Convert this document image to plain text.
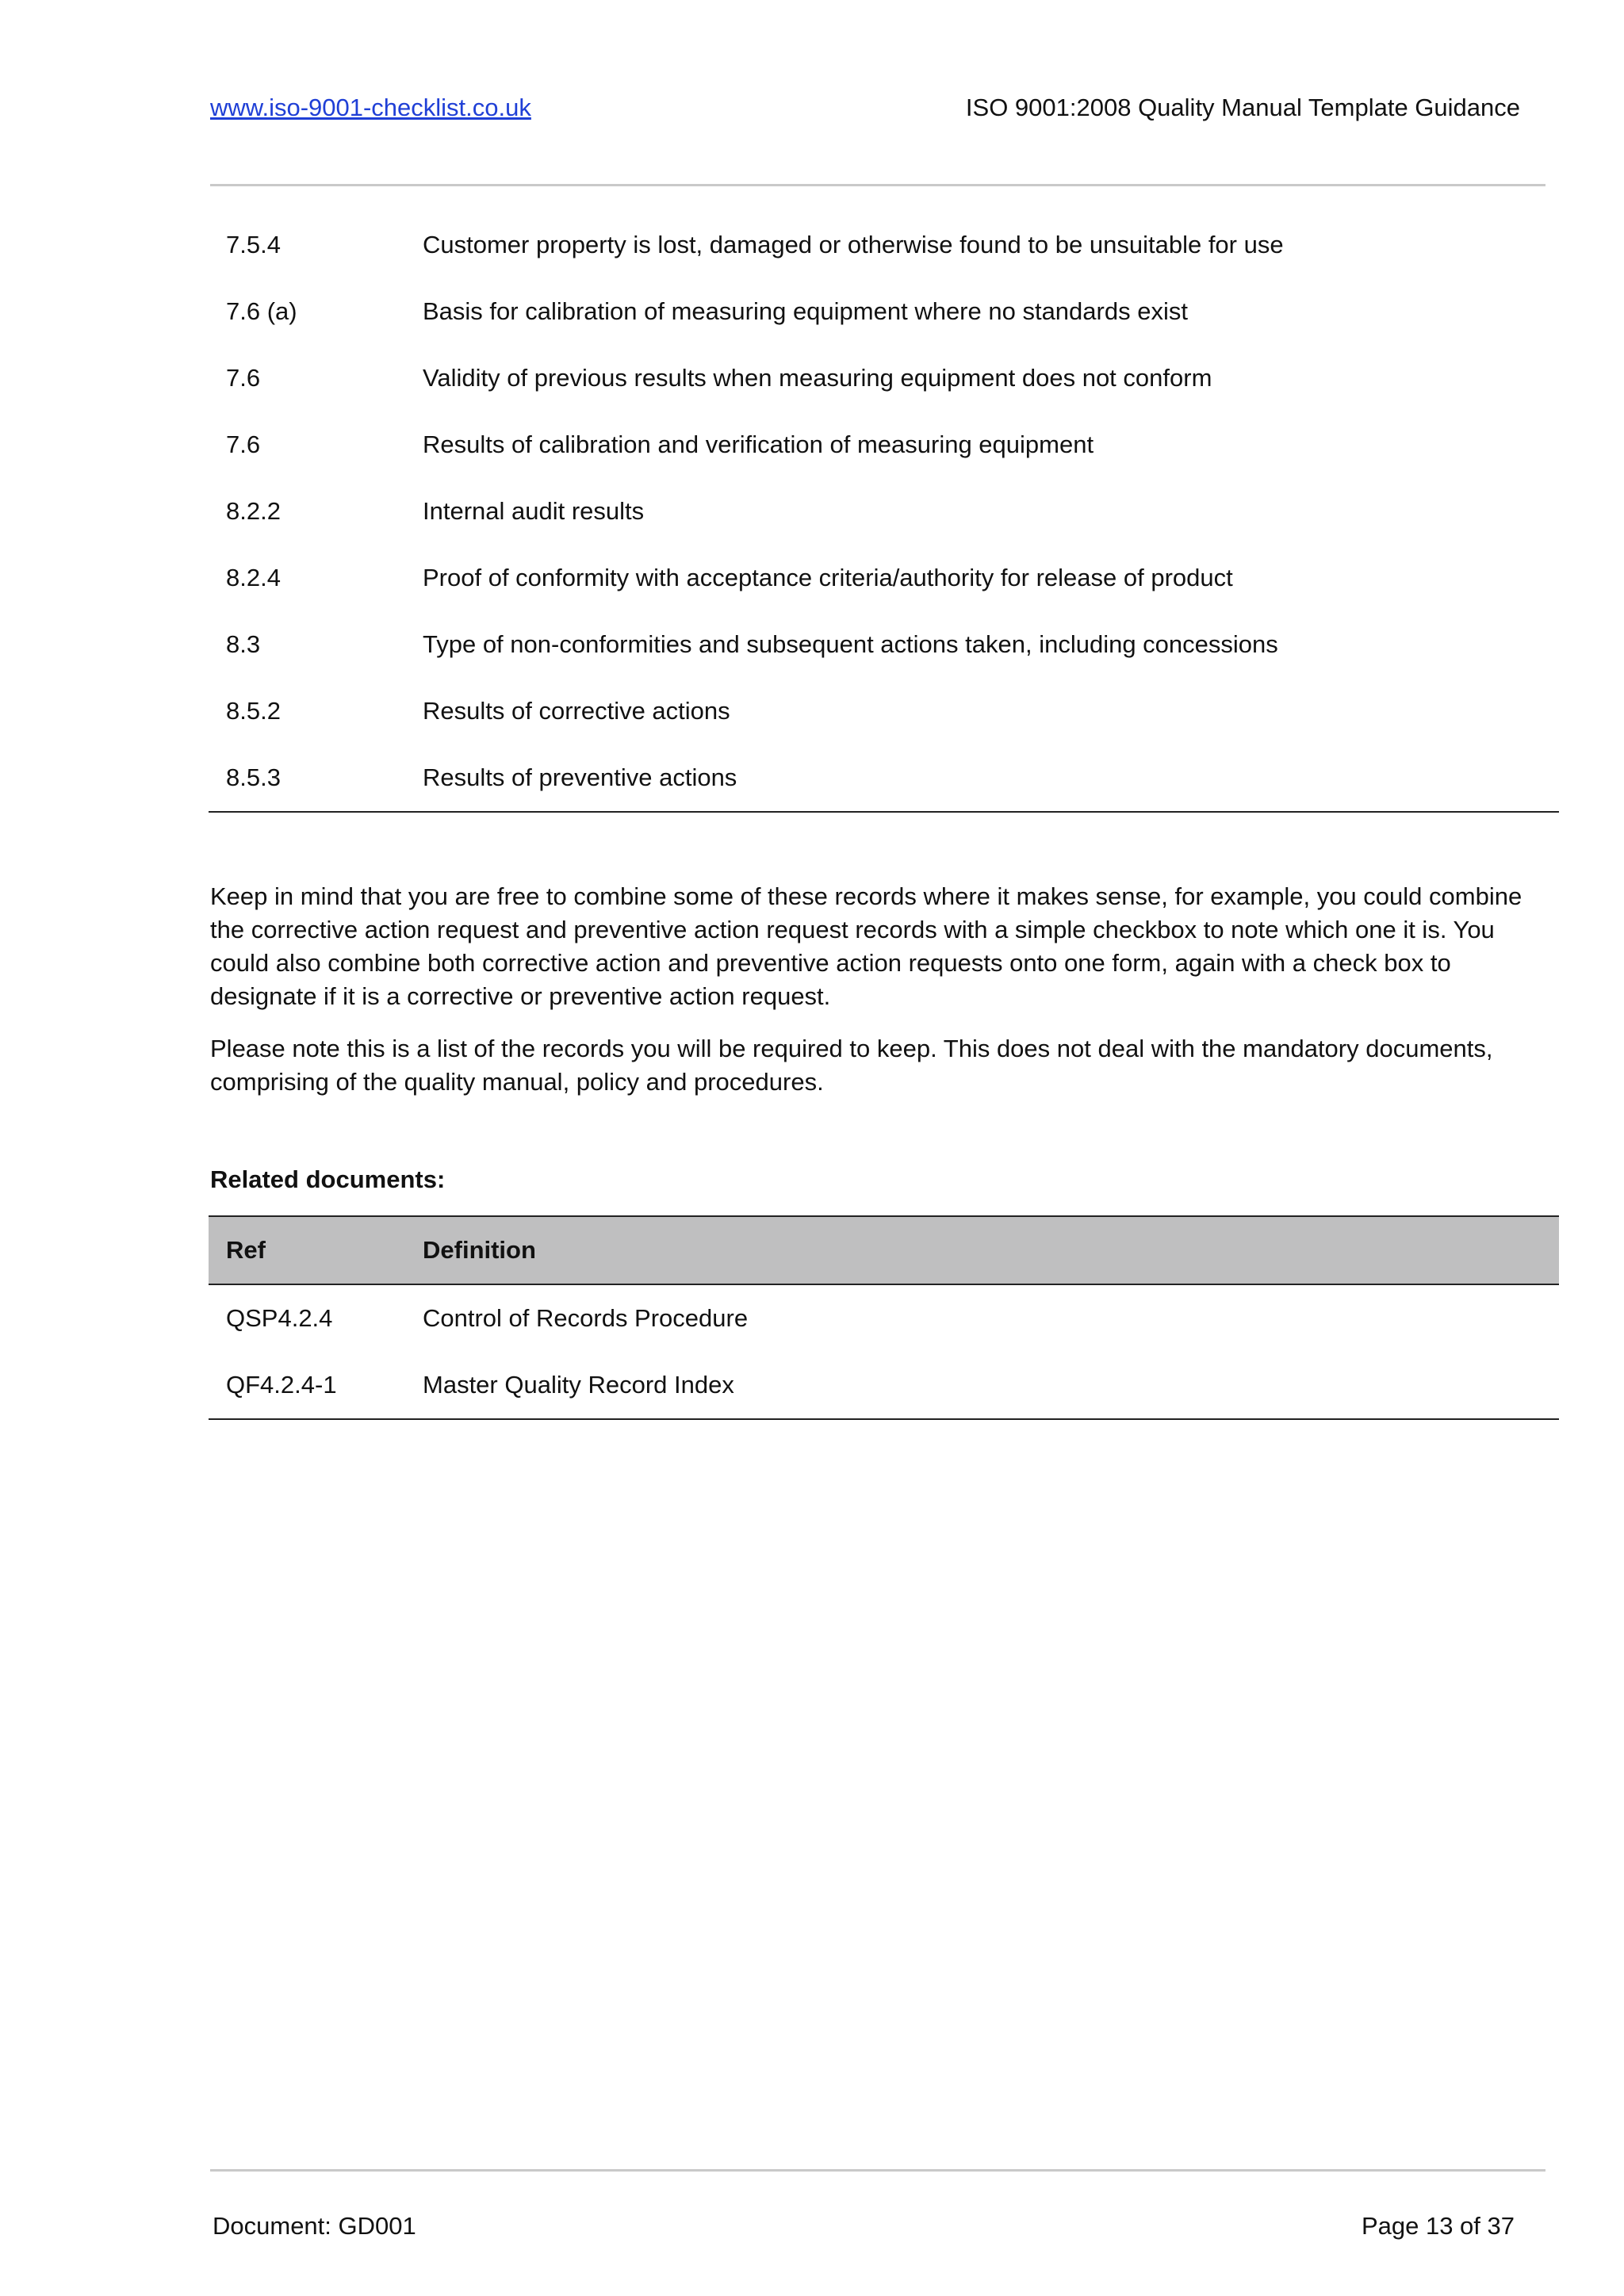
www.iso-9001-checklist.co.uk	ISO 9001:2008 Quality Manual Template Guidance
7.5.4	Customer property is lost, damaged or otherwise found to be unsuitable for use
7.6 (a)	Basis for calibration of measuring equipment where no standards exist
7.6	Validity of previous results when measuring equipment does not conform
7.6	Results of calibration and verification of measuring equipment
8.2.2	Internal audit results
8.2.4	Proof of conformity with acceptance criteria/authority for release of product
8.3	Type of non-conformities and subsequent actions taken, including concessions
8.5.2	Results of corrective actions
8.5.3	Results of preventive actions

Keep in mind that you are free to combine some of these records where it makes sense, for example, you could combine the corrective action request and preventive action request records with a simple checkbox to note which one it is. You could also combine both corrective action and preventive action requests onto one form, again with a check box to designate if it is a corrective or preventive action request.

Please note this is a list of the records you will be required to keep. This does not deal with the mandatory documents, comprising of the quality manual, policy and procedures.

Related documents:
Ref	Definition
QSP4.2.4	Control of Records Procedure
QF4.2.4-1	Master Quality Record Index
Document: GD001	Page 13 of 37
